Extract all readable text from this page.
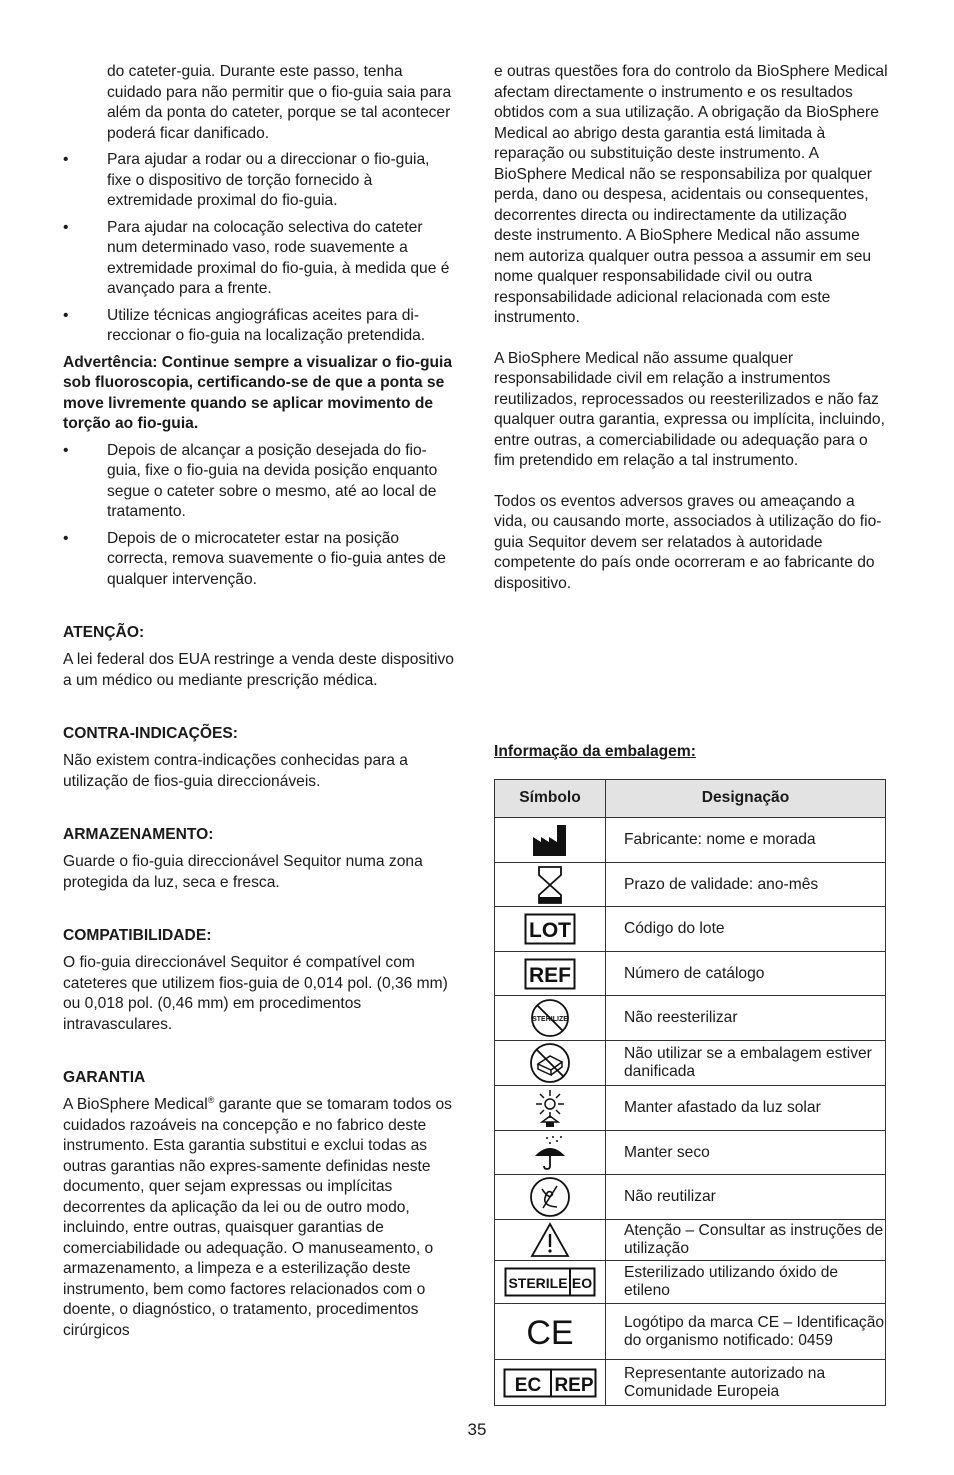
do cateter-guia. Durante este passo, tenha cuidado para não permitir que o fio-guia saia para além da ponta do cateter, porque se tal acontecer poderá ficar danificado.

• Para ajudar a rodar ou a direccionar o fio-guia, fixe o dispositivo de torção fornecido à extremidade proximal do fio-guia.
• Para ajudar na colocação selectiva do cateter num determinado vaso, rode suavemente a extremidade proximal do fio-guia, à medida que é avançado para a frente.
• Utilize técnicas angiográficas aceites para di-reccionar o fio-guia na localização pretendida.

Advertência: Continue sempre a visualizar o fio-guia sob fluoroscopia, certificando-se de que a ponta se move livremente quando se aplicar movimento de torção ao fio-guia.

• Depois de alcançar a posição desejada do fio-guia, fixe o fio-guia na devida posição enquanto segue o cateter sobre o mesmo, até ao local de tratamento.
• Depois de o microcateter estar na posição correcta, remova suavemente o fio-guia antes de qualquer intervenção.
ATENÇÃO:

A lei federal dos EUA restringe a venda deste dispositivo a um médico ou mediante prescrição médica.

CONTRA-INDICAÇÕES:

Não existem contra-indicações conhecidas para a utilização de fios-guia direccionáveis.

ARMAZENAMENTO:

Guarde o fio-guia direccionável Sequitor numa zona protegida da luz, seca e fresca.

COMPATIBILIDADE:

O fio-guia direccionável Sequitor é compatível com cateteres que utilizem fios-guia de 0,014 pol. (0,36 mm) ou 0,018 pol. (0,46 mm) em procedimentos intravasculares.

GARANTIA

A BioSphere Medical® garante que se tomaram todos os cuidados razoáveis na concepção e no fabrico deste instrumento. Esta garantia substitui e exclui todas as outras garantias não expres-samente definidas neste documento, quer sejam expressas ou implícitas decorrentes da aplicação da lei ou de outro modo, incluindo, entre outras, quaisquer garantias de comerciabilidade ou adequação. O manuseamento, o armazenamento, a limpeza e a esterilização deste instrumento, bem como factores relacionados com o doente, o diagnóstico, o tratamento, procedimentos cirúrgicos

e outras questões fora do controlo da BioSphere Medical afectam directamente o instrumento e os resultados obtidos com a sua utilização. A obrigação da BioSphere Medical ao abrigo desta garantia está limitada à reparação ou substituição deste instrumento. A BioSphere Medical não se responsabiliza por qualquer perda, dano ou despesa, acidentais ou consequentes, decorrentes directa ou indirectamente da utilização deste instrumento. A BioSphere Medical não assume nem autoriza qualquer outra pessoa a assumir em seu nome qualquer responsabilidade civil ou outra responsabilidade adicional relacionada com este instrumento.

A BioSphere Medical não assume qualquer responsabilidade civil em relação a instrumentos reutilizados, reprocessados ou reesterilizados e não faz qualquer outra garantia, expressa ou implícita, incluindo, entre outras, a comerciabilidade ou adequação para o fim pretendido em relação a tal instrumento.

Todos os eventos adversos graves ou ameaçando a vida, ou causando morte, associados à utilização do fio-guia Sequitor devem ser relatados à autoridade competente do país onde ocorreram e ao fabricante do dispositivo.

Informação da embalagem:

Símbolo	Designação

	Fabricante: nome e morada

	Prazo de validade: ano-mês

LOT	Código do lote

REF	Número de catálogo

STERILIZE	Não reesterilizar

	Não utilizar se a embalagem estiver danificada

	Manter afastado da luz solar

	Manter seco

	Não reutilizar

	Atenção – Consultar as instruções de utilização

STERILE EO	Esterilizado utilizando óxido de etileno

CE	Logótipo da marca CE – Identificação do organismo notificado: 0459

EC REP	Representante autorizado na Comunidade Europeia
35
